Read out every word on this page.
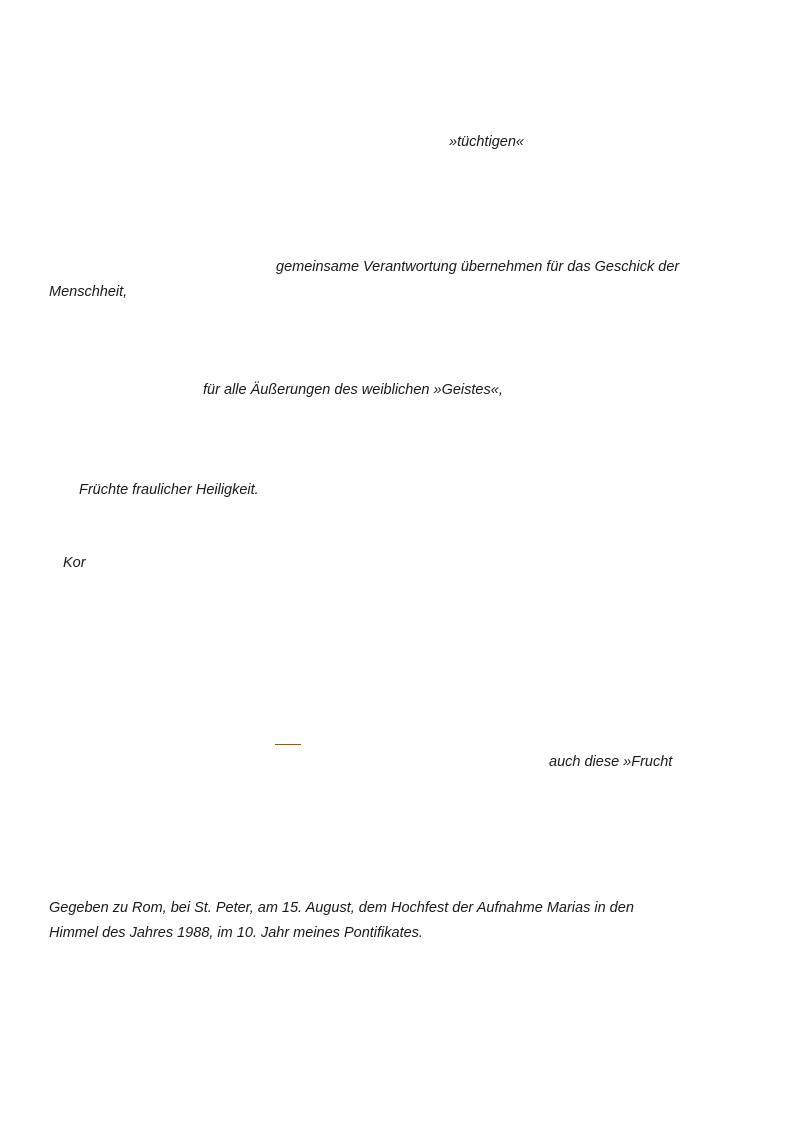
»tüchtigen«
gemeinsame Verantwortung übernehmen für das Geschick der
Menschheit,
für alle Äußerungen des weiblichen »Geistes«,
Früchte fraulicher Heiligkeit.
Kor
auch diese »Frucht
Gegeben zu Rom, bei St. Peter, am 15. August, dem Hochfest der Aufnahme Marias in den
Himmel des Jahres 1988, im 10. Jahr meines Pontifikates.
